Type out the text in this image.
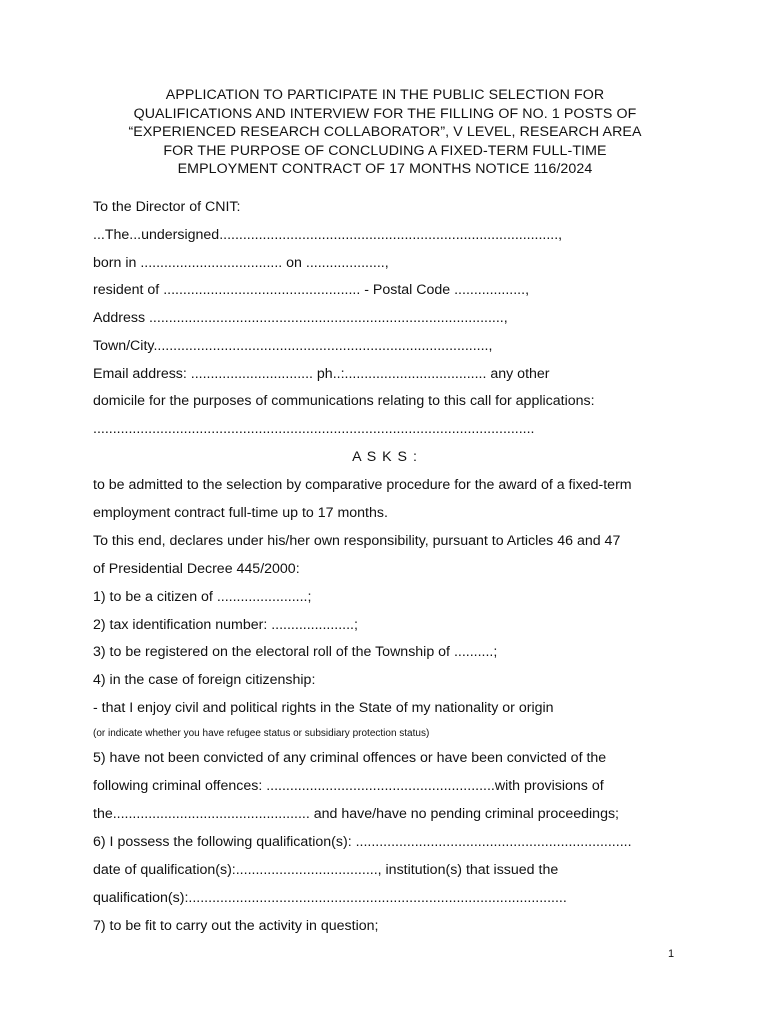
APPLICATION TO PARTICIPATE IN THE PUBLIC SELECTION FOR
QUALIFICATIONS AND INTERVIEW FOR THE FILLING OF NO. 1 POSTS OF
“EXPERIENCED RESEARCH COLLABORATOR”, V LEVEL, RESEARCH AREA
FOR THE PURPOSE OF CONCLUDING A FIXED-TERM FULL-TIME
EMPLOYMENT CONTRACT OF 17 MONTHS NOTICE 116/2024
To the Director of CNIT:
...The...undersigned......................................................................................,
born in .................................... on ....................,
resident of .................................................. - Postal Code ..................,
Address ..........................................................................................,
Town/City.....................................................................................,
Email address: ............................... ph..:.................................... any other
domicile for the purposes of communications relating to this call for applications:
................................................................................................................
A S K S :
to be admitted to the selection by comparative procedure for the award of a fixed-term
employment contract full-time up to 17 months.
To this end, declares under his/her own responsibility, pursuant to Articles 46 and 47
of Presidential Decree 445/2000:
1) to be a citizen of .......................;
2) tax identification number: .....................;
3) to be registered on the electoral roll of the Township of ..........;
4) in the case of foreign citizenship:
- that I enjoy civil and political rights in the State of my nationality or origin
(or indicate whether you have refugee status or subsidiary protection status)
5) have not been convicted of any criminal offences or have been convicted of the
following criminal offences: ..........................................................with provisions of
the.................................................. and have/have no pending criminal proceedings;
6) I possess the following qualification(s): ......................................................................
date of qualification(s):...................................., institution(s) that issued the
qualification(s):................................................................................................
7) to be fit to carry out the activity in question;
1
